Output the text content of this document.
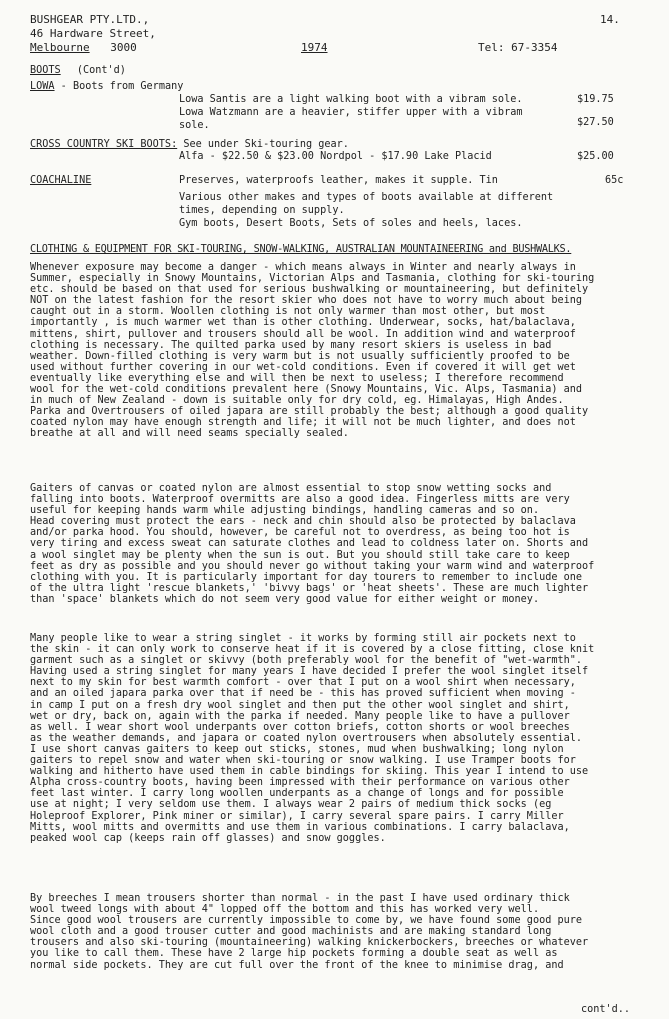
BUSHGEAR PTY.LTD.,
46 Hardware Street,
Melbourne 3000	1974	Tel: 67-3354
14.
BOOTS (Cont'd)
LOWA - Boots from Germany
Lowa Santis are a light walking boot with a vibram sole.	$19.75
Lowa Watzmann are a heavier, stiffer upper with a vibram
sole.	$27.50
CROSS COUNTRY SKI BOOTS: See under Ski-touring gear.
Alfa - $22.50 & $23.00 Nordpol - $17.90 Lake Placid	$25.00
COACHALINE	Preserves, waterproofs leather, makes it supple. Tin	65c
Various other makes and types of boots available at different
times, depending on supply.
Gym boots, Desert Boots, Sets of soles and heels, laces.
CLOTHING & EQUIPMENT FOR SKI-TOURING, SNOW-WALKING, AUSTRALIAN MOUNTAINEERING and BUSHWALKS.
Whenever exposure may become a danger - which means always in Winter and nearly always in
Summer, especially in Snowy Mountains, Victorian Alps and Tasmania, clothing for ski-touring
etc. should be based on that used for serious bushwalking or mountaineering, but definitely
NOT on the latest fashion for the resort skier who does not have to worry much about being
caught out in a storm. Woollen clothing is not only warmer than most other, but most
importantly , is much warmer wet than is other clothing. Underwear, socks, hat/balaclava,
mittens, shirt, pullover and trousers should all be wool. In addition wind and waterproof
clothing is necessary. The quilted parka used by many resort skiers is useless in bad
weather. Down-filled clothing is very warm but is not usually sufficiently proofed to be
used without further covering in our wet-cold conditions. Even if covered it will get wet
eventually like everything else and will then be next to useless; I therefore recommend
wool for the wet-cold conditions prevalent here (Snowy Mountains, Vic. Alps, Tasmania) and
in much of New Zealand - down is suitable only for dry cold, eg. Himalayas, High Andes.
Parka and Overtrousers of oiled japara are still probably the best; although a good quality
coated nylon may have enough strength and life; it will not be much lighter, and does not
breathe at all and will need seams specially sealed.
Gaiters of canvas or coated nylon are almost essential to stop snow wetting socks and
falling into boots. Waterproof overmitts are also a good idea. Fingerless mitts are very
useful for keeping hands warm while adjusting bindings, handling cameras and so on.
Head covering must protect the ears - neck and chin should also be protected by balaclava
and/or parka hood. You should, however, be careful not to overdress, as being too hot is
very tiring and excess sweat can saturate clothes and lead to coldness later on. Shorts and
a wool singlet may be plenty when the sun is out. But you should still take care to keep
feet as dry as possible and you should never go without taking your warm wind and waterproof
clothing with you. It is particularly important for day tourers to remember to include one
of the ultra light 'rescue blankets,' 'bivvy bags' or 'heat sheets'. These are much lighter
than 'space' blankets which do not seem very good value for either weight or money.
Many people like to wear a string singlet - it works by forming still air pockets next to
the skin - it can only work to conserve heat if it is covered by a close fitting, close knit
garment such as a singlet or skivvy (both preferably wool for the benefit of "wet-warmth".
Having used a string singlet for many years I have decided I prefer the wool singlet itself
next to my skin for best warmth comfort - over that I put on a wool shirt when necessary,
and an oiled japara parka over that if need be - this has proved sufficient when moving -
in camp I put on a fresh dry wool singlet and then put the other wool singlet and shirt,
wet or dry, back on, again with the parka if needed. Many people like to have a pullover
as well. I wear short wool underpants over cotton briefs, cotton shorts or wool breeches
as the weather demands, and japara or coated nylon overtrousers when absolutely essential.
I use short canvas gaiters to keep out sticks, stones, mud when bushwalking; long nylon
gaiters to repel snow and water when ski-touring or snow walking. I use Tramper boots for
walking and hitherto have used them in cable bindings for skiing. This year I intend to use
Alpha cross-country boots, having been impressed with their performance on various other
feet last winter. I carry long woollen underpants as a change of longs and for possible
use at night; I very seldom use them. I always wear 2 pairs of medium thick socks (eg
Holeproof Explorer, Pink miner or similar), I carry several spare pairs. I carry Miller
Mitts, wool mitts and overmitts and use them in various combinations. I carry balaclava,
peaked wool cap (keeps rain off glasses) and snow goggles.
By breeches I mean trousers shorter than normal - in the past I have used ordinary thick
wool tweed longs with about 4" lopped off the bottom and this has worked very well.
Since good wool trousers are currently impossible to come by, we have found some good pure
wool cloth and a good trouser cutter and good machinists and are making standard long
trousers and also ski-touring (mountaineering) walking knickerbockers, breeches or whatever
you like to call them. These have 2 large hip pockets forming a double seat as well as
normal side pockets. They are cut full over the front of the knee to minimise drag, and
cont'd..
